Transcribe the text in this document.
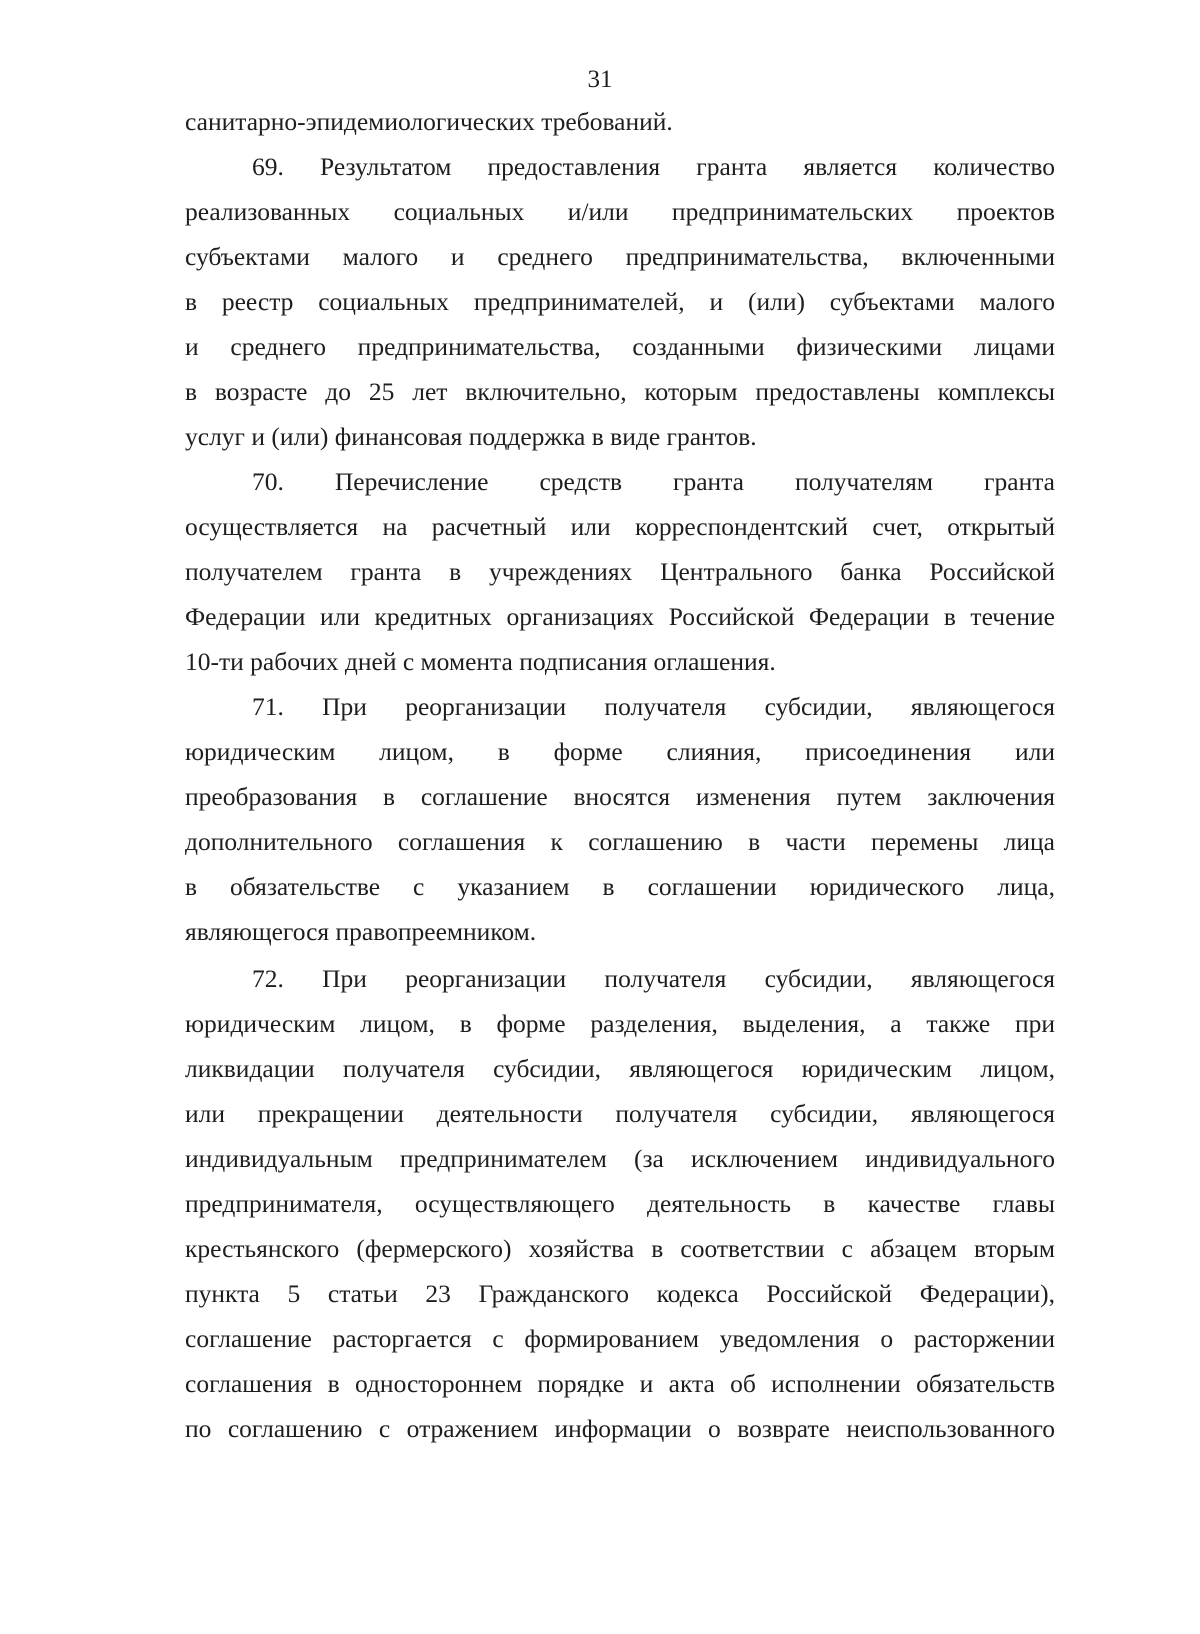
31
санитарно-эпидемиологических требований.
69. Результатом предоставления гранта является количество
реализованных социальных и/или предпринимательских проектов
субъектами малого и среднего предпринимательства, включенными
в реестр социальных предпринимателей, и (или) субъектами малого
и среднего предпринимательства, созданными физическими лицами
в возрасте до 25 лет включительно, которым предоставлены комплексы
услуг и (или) финансовая поддержка в виде грантов.
70. Перечисление средств гранта получателям гранта
осуществляется на расчетный или корреспондентский счет, открытый
получателем гранта в учреждениях Центрального банка Российской
Федерации или кредитных организациях Российской Федерации в течение
10-ти рабочих дней с момента подписания оглашения.
71. При реорганизации получателя субсидии, являющегося
юридическим лицом, в форме слияния, присоединения или
преобразования в соглашение вносятся изменения путем заключения
дополнительного соглашения к соглашению в части перемены лица
в обязательстве с указанием в соглашении юридического лица,
являющегося правопреемником.
72. При реорганизации получателя субсидии, являющегося
юридическим лицом, в форме разделения, выделения, а также при
ликвидации получателя субсидии, являющегося юридическим лицом,
или прекращении деятельности получателя субсидии, являющегося
индивидуальным предпринимателем (за исключением индивидуального
предпринимателя, осуществляющего деятельность в качестве главы
крестьянского (фермерского) хозяйства в соответствии с абзацем вторым
пункта 5 статьи 23 Гражданского кодекса Российской Федерации),
соглашение расторгается с формированием уведомления о расторжении
соглашения в одностороннем порядке и акта об исполнении обязательств
по соглашению с отражением информации о возврате неиспользованного
